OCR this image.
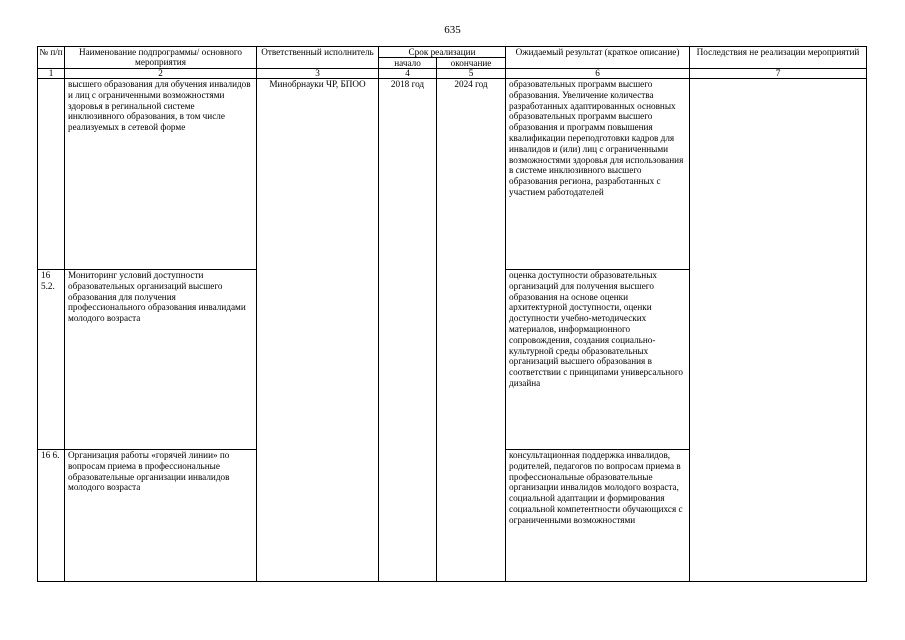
635
№ п/п	Наименование подпрограммы/ основного мероприятия	Ответственный исполнитель	Срок реализации		Ожидаемый результат (краткое описание)	Последствия не реализации мероприятий
			начало	окончание		
1	2	3	4	5	6	7
	высшего образования для обучения инвалидов и лиц с ограниченными возможностями здоровья в регинальной системе инклюзивного образования, в том числе реализуемых в сетевой форме	Минобрнауки ЧР, БПОО	2018 год	2024 год	образовательных программ высшего образования. Увеличение количества разработанных адаптированных основных образовательных программ высшего образования и программ повышения квалификации переподготовки кадров для инвалидов и (или) лиц с ограниченными возможностями здоровья для использования в системе инклюзивного высшего образования региона, разработанных с участием работодателей	
16 5.2.	Мониторинг условий доступности образовательных организаций высшего образования для получения профессионального образования инвалидами молодого возраста				оценка доступности образовательных организаций для получения высшего образования на основе оценки архитектурной доступности, оценки доступности учебно-методических материалов, информационного сопровождения, создания социально-культурной среды образовательных организаций высшего образования в соответствии с принципами универсального дизайна	
16 6.	Организация работы «горячей линии» по вопросам приема в профессиональные образовательные организации инвалидов молодого возраста				консультационная поддержка инвалидов, родителей, педагогов по вопросам приема в профессиональные образовательные организации инвалидов молодого возраста, социальной адаптации и формирования социальной компетентности обучающихся с ограниченными возможностями	
